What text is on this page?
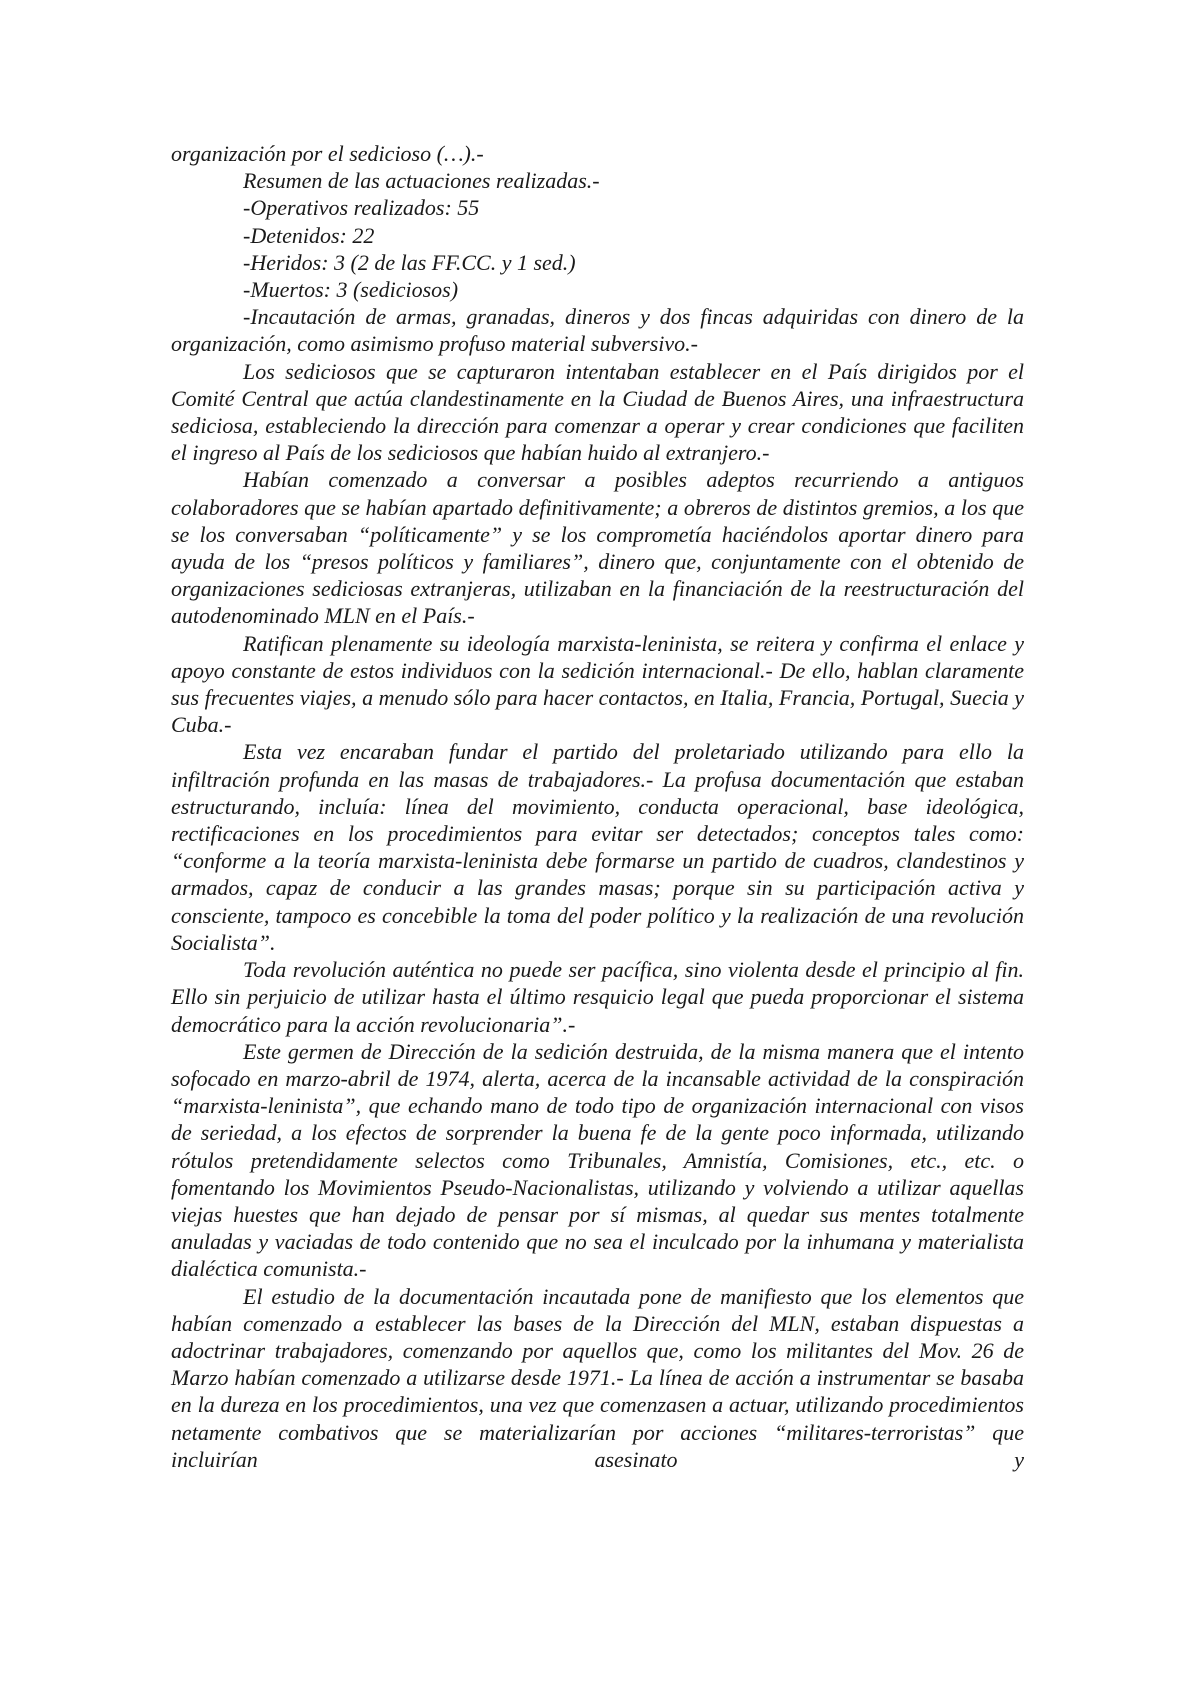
organización por el sedicioso (…).-

Resumen de las actuaciones realizadas.-

-Operativos realizados: 55

-Detenidos: 22

-Heridos: 3 (2 de las FF.CC. y 1 sed.)

-Muertos: 3 (sediciosos)

-Incautación de armas, granadas, dineros y dos fincas adquiridas con dinero de la organización, como asimismo profuso material subversivo.-

Los sediciosos que se capturaron intentaban establecer en el País dirigidos por el Comité Central que actúa clandestinamente en la Ciudad de Buenos Aires, una infraestructura sediciosa, estableciendo la dirección para comenzar a operar y crear condiciones que faciliten el ingreso al País de los sediciosos que habían huido al extranjero.-

Habían comenzado a conversar a posibles adeptos recurriendo a antiguos colaboradores que se habían apartado definitivamente; a obreros de distintos gremios, a los que se los conversaban “políticamente” y se los comprometía haciéndolos aportar dinero para ayuda de los “presos políticos y familiares”, dinero que, conjuntamente con el obtenido de organizaciones sediciosas extranjeras, utilizaban en la financiación de la reestructuración del autodenominado MLN en el País.-

Ratifican plenamente su ideología marxista-leninista, se reitera y confirma el enlace y apoyo constante de estos individuos con la sedición internacional.- De ello, hablan claramente sus frecuentes viajes, a menudo sólo para hacer contactos, en Italia, Francia, Portugal, Suecia y Cuba.-

Esta vez encaraban fundar el partido del proletariado utilizando para ello la infiltración profunda en las masas de trabajadores.- La profusa documentación que estaban estructurando, incluía: línea del movimiento, conducta operacional, base ideológica, rectificaciones en los procedimientos para evitar ser detectados; conceptos tales como: “conforme a la teoría marxista-leninista debe formarse un partido de cuadros, clandestinos y armados, capaz de conducir a las grandes masas; porque sin su participación activa y consciente, tampoco es concebible la toma del poder político y la realización de una revolución Socialista”.

Toda revolución auténtica no puede ser pacífica, sino violenta desde el principio al fin. Ello sin perjuicio de utilizar hasta el último resquicio legal que pueda proporcionar el sistema democrático para la acción revolucionaria”.-

Este germen de Dirección de la sedición destruida, de la misma manera que el intento sofocado en marzo-abril de 1974, alerta, acerca de la incansable actividad de la conspiración “marxista-leninista”, que echando mano de todo tipo de organización internacional con visos de seriedad, a los efectos de sorprender la buena fe de la gente poco informada, utilizando rótulos pretendidamente selectos como Tribunales, Amnistía, Comisiones, etc., etc. o fomentando los Movimientos Pseudo-Nacionalistas, utilizando y volviendo a utilizar aquellas viejas huestes que han dejado de pensar por sí mismas, al quedar sus mentes totalmente anuladas y vaciadas de todo contenido que no sea el inculcado por la inhumana y materialista dialéctica comunista.-

El estudio de la documentación incautada pone de manifiesto que los elementos que habían comenzado a establecer las bases de la Dirección del MLN, estaban dispuestas a adoctrinar trabajadores, comenzando por aquellos que, como los militantes del Mov. 26 de Marzo habían comenzado a utilizarse desde 1971.- La línea de acción a instrumentar se basaba en la dureza en los procedimientos, una vez que comenzasen a actuar, utilizando procedimientos netamente combativos que se materializarían por acciones “militares-terroristas” que incluirían asesinato y
